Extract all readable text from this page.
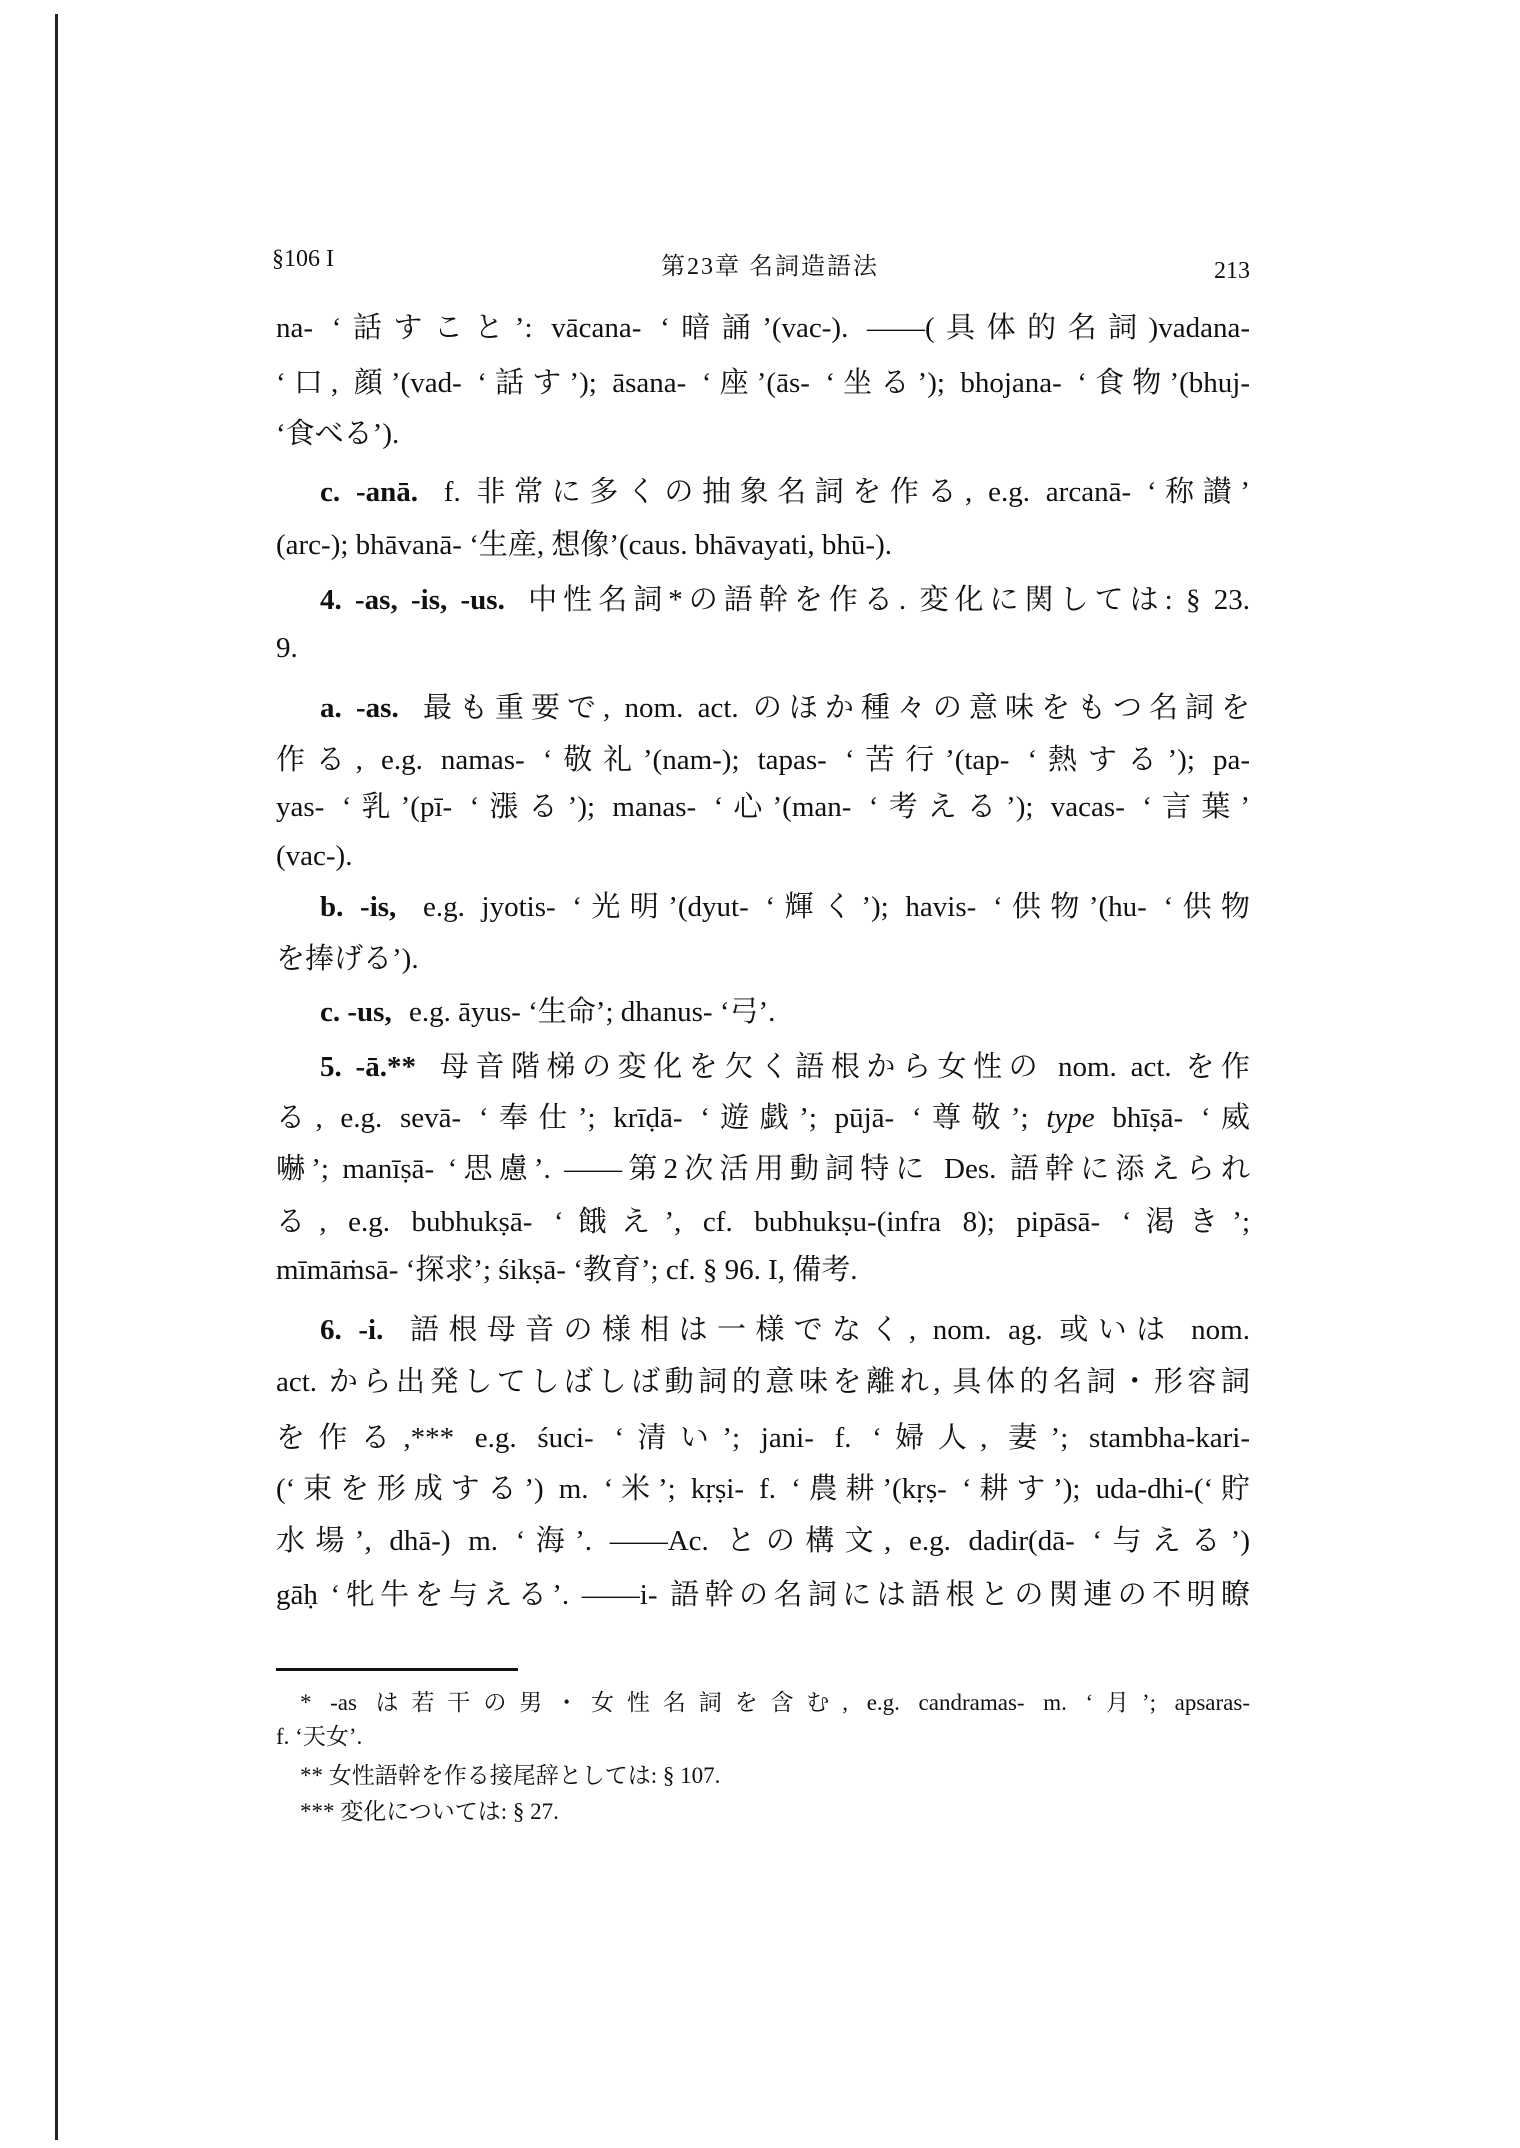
§106 I	第23章 名詞造語法	213
na- ‘話すこと’: vācana- ‘暗誦’(vac-). ——(具体的名詞)vadana-
‘口, 顔’(vad- ‘話す’); āsana- ‘座’(ās- ‘坐る’); bhojana- ‘食物’(bhuj-
‘食べる’).
c. -anā. f. 非常に多くの抽象名詞を作る, e.g. arcanā- ‘称讃’
(arc-); bhāvanā- ‘生産, 想像’(caus. bhāvayati, bhū-).
4. -as, -is, -us. 中性名詞*の語幹を作る. 変化に関しては: § 23.
9.
a. -as. 最も重要で, nom. act. のほか種々の意味をもつ名詞を
作る, e.g. namas- ‘敬礼’(nam-); tapas- ‘苦行’(tap- ‘熱する’); pa-
yas- ‘乳’(pī- ‘漲る’); manas- ‘心’(man- ‘考える’); vacas- ‘言葉’
(vac-).
b. -is, e.g. jyotis- ‘光明’(dyut- ‘輝く’); havis- ‘供物’(hu- ‘供物
を捧げる’).
c. -us, e.g. āyus- ‘生命’; dhanus- ‘弓’.
5. -ā.** 母音階梯の変化を欠く語根から女性の nom. act. を作
る, e.g. sevā- ‘奉仕’; krīḍā- ‘遊戯’; pūjā- ‘尊敬’; type bhīṣā- ‘威
嚇’; manīṣā- ‘思慮’. ——第2次活用動詞特に Des. 語幹に添えられ
る, e.g. bubhukṣā- ‘餓え’, cf. bubhukṣu-(infra 8); pipāsā- ‘渇き’;
mīmāṁsā- ‘探求’; śikṣā- ‘教育’; cf. § 96. I, 備考.
6. -i. 語根母音の様相は一様でなく, nom. ag. 或いは nom.
act. から出発してしばしば動詞的意味を離れ, 具体的名詞・形容詞
を作る,*** e.g. śuci- ‘清い’; jani- f. ‘婦人, 妻’; stambha-kari-
(‘束を形成する’) m. ‘米’; kṛṣi- f. ‘農耕’(kṛṣ- ‘耕す’); uda-dhi-(‘貯
水場’, dhā-) m. ‘海’. ——Ac. との構文, e.g. dadir(dā- ‘与える’)
gāḥ ‘牝牛を与える’. ——i- 語幹の名詞には語根との関連の不明瞭
* -as は若干の男・女性名詞を含む, e.g. candramas- m. ‘月’; apsaras-
f. ‘天女’.
** 女性語幹を作る接尾辞としては: § 107.
*** 変化については: § 27.
